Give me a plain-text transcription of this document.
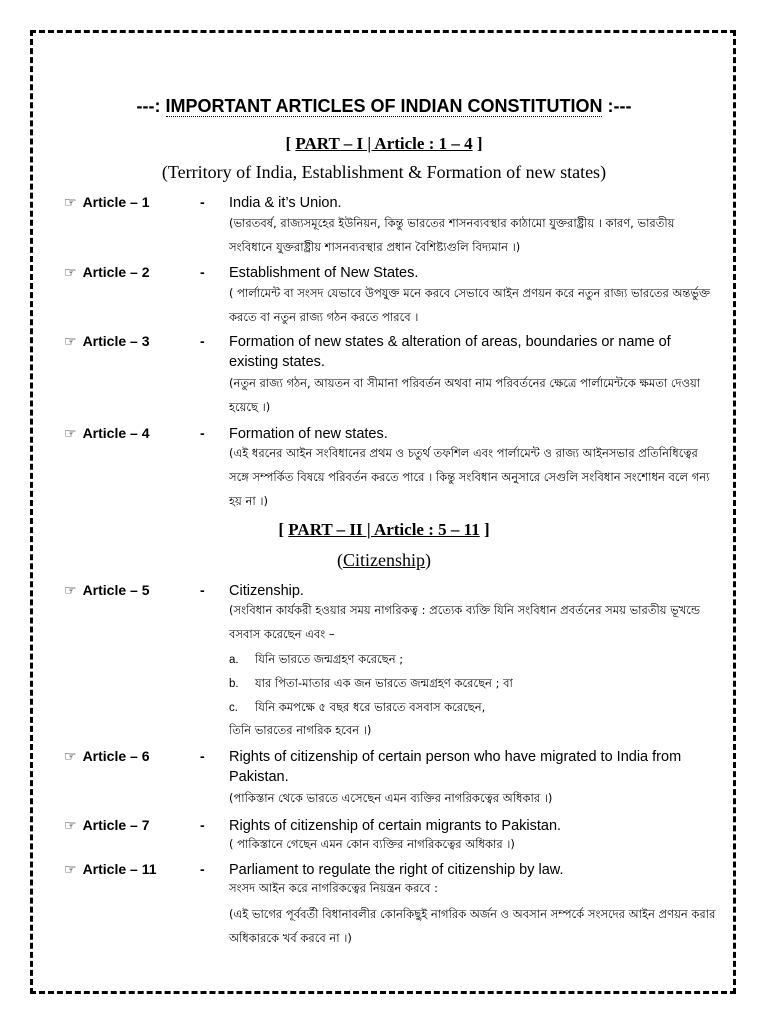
---: IMPORTANT ARTICLES OF INDIAN CONSTITUTION :---
[ PART – I | Article : 1 – 4 ]
(Territory of India, Establishment & Formation of new states)
☞ Article – 1	- India & it’s Union.
(ভারতবর্ষ, রাজ্যসমূহের ইউনিয়ন, কিন্তু ভারতের শাসনব্যবস্থার কাঠামো যুক্তরাষ্ট্রীয় । কারণ, ভারতীয় সংবিধানে যুক্তরাষ্ট্রীয় শাসনব্যবস্থার প্রধান বৈশিষ্ট্যগুলি বিদ্যমান ।)
☞ Article – 2	- Establishment of New States.
( পার্লামেন্ট বা সংসদ যেভাবে উপযুক্ত মনে করবে সেভাবে আইন প্রণয়ন করে নতুন রাজ্য ভারতের অন্তর্ভুক্ত করতে বা নতুন রাজ্য গঠন করতে পারবে ।
☞ Article – 3	- Formation of new states & alteration of areas, boundaries or name of existing states.
(নতুন রাজ্য গঠন, আয়তন বা সীমানা পরিবর্তন অথবা নাম পরিবর্তনের ক্ষেত্রে পার্লামেন্টকে ক্ষমতা দেওয়া হয়েছে ।)
☞ Article – 4	- Formation of new states.
(এই ধরনের আইন সংবিধানের প্রথম ও চতুর্থ তফশিল এবং পার্লামেন্ট ও রাজ্য আইনসভার প্রতিনিধিত্বের সঙ্গে সম্পর্কিত বিষয়ে পরিবর্তন করতে পারে । কিন্তু সংবিধান অনুসারে সেগুলি সংবিধান সংশোধন বলে গন্য হয় না ।)
[ PART – II | Article : 5 – 11 ]
(Citizenship)
☞ Article – 5	- Citizenship.
(সংবিধান কার্যকরী হওয়ার সময় নাগরিকত্ব : প্রত্যেক ব্যক্তি যিনি সংবিধান প্রবর্তনের সময় ভারতীয় ভূখন্ডে বসবাস করেছেন এবং –
a. যিনি ভারতে জন্মগ্রহণ করেছেন ;
b. যার পিতা-মাতার এক জন ভারতে জন্মগ্রহণ করেছেন ; বা
c. যিনি কমপক্ষে ৫ বছর ধরে ভারতে বসবাস করেছেন,
তিনি ভারতের নাগরিক হবেন ।)
☞ Article – 6	- Rights of citizenship of certain person who have migrated to India from Pakistan.
(পাকিস্তান থেকে ভারতে এসেছেন এমন ব্যক্তির নাগরিকত্বের অধিকার ।)
☞ Article – 7	- Rights of citizenship of certain migrants to Pakistan.
( পাকিস্তানে গেছেন এমন কোন ব্যক্তির নাগরিকত্বের অধিকার ।)
☞ Article – 11	- Parliament to regulate the right of citizenship by law.
সংসদ আইন করে নাগরিকত্বের নিয়ন্ত্রন করবে :
(এই ভাগের পূর্ববর্তী বিধানাবলীর কোনকিছুই নাগরিক অর্জন ও অবসান সম্পর্কে সংসদের আইন প্রণয়ন করার অধিকারকে খর্ব করবে না ।)
